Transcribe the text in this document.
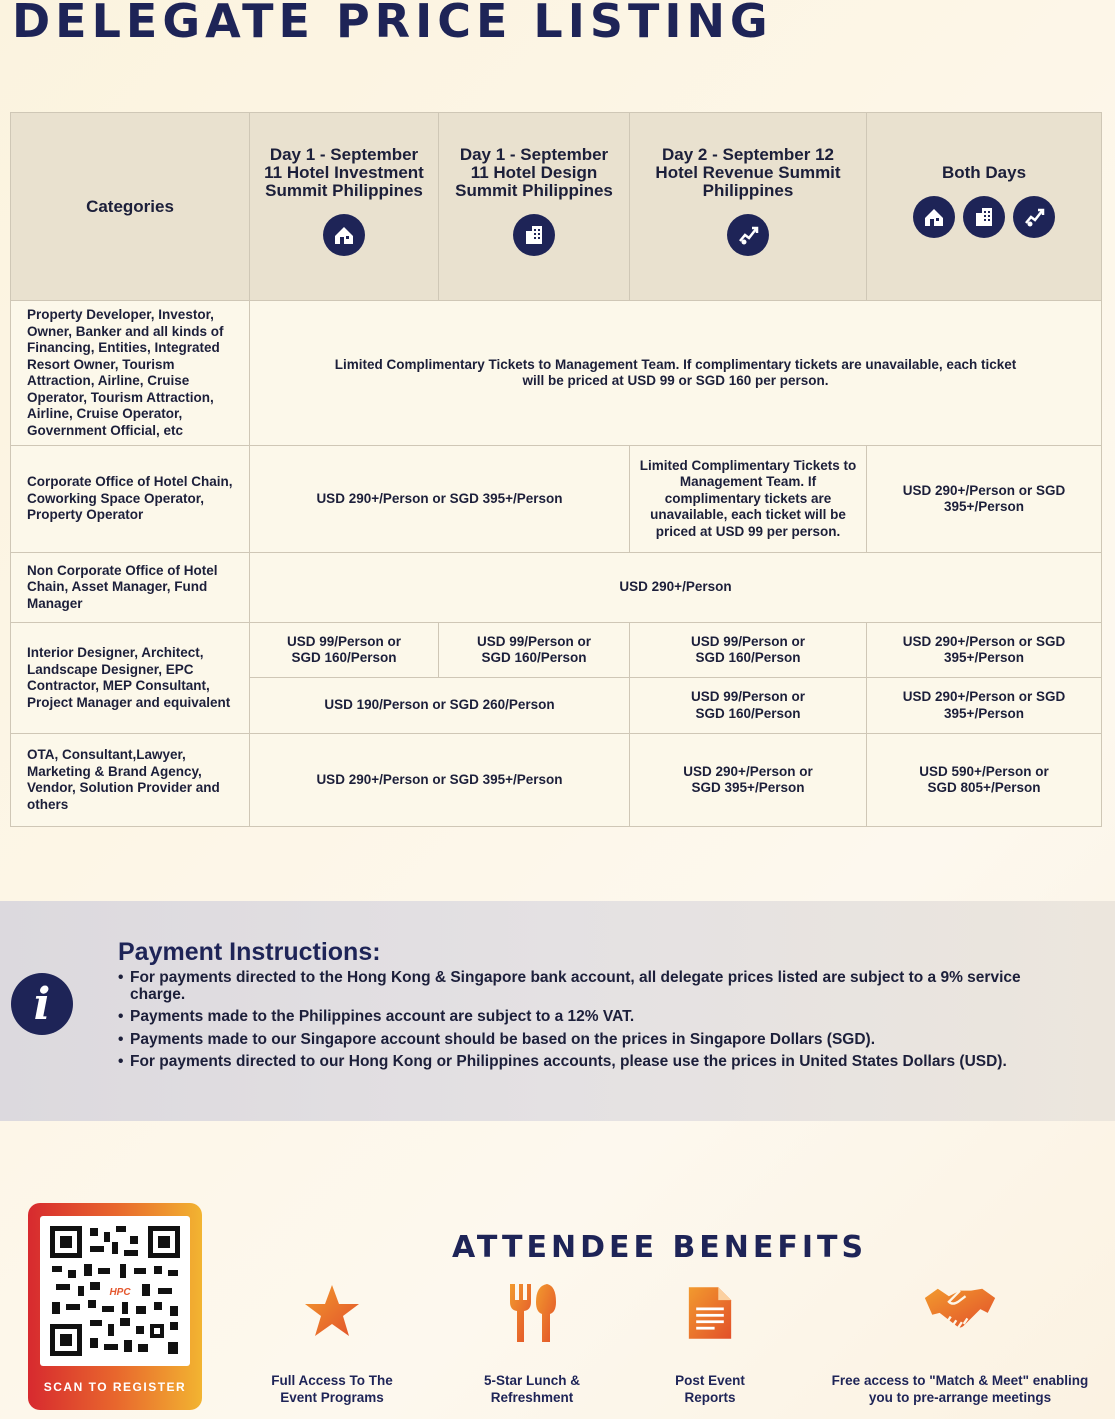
DELEGATE PRICE LISTING
Categories	Day 1 - September 11 Hotel Investment Summit Philippines	Day 1 - September 11 Hotel Design Summit Philippines	Day 2 - September 12 Hotel Revenue Summit Philippines	Both Days

Property Developer, Investor, Owner, Banker and all kinds of Financing, Entities, Integrated Resort Owner, Tourism Attraction, Airline, Cruise Operator, Tourism Attraction, Airline, Cruise Operator, Government Official, etc	Limited Complimentary Tickets to Management Team. If complimentary tickets are unavailable, each ticket will be priced at USD 99 or SGD 160 per person.			

Corporate Office of Hotel Chain, Coworking Space Operator, Property Operator	USD 290+/Person or SGD 395+/Person		Limited Complimentary Tickets to Management Team. If complimentary tickets are unavailable, each ticket will be priced at USD 99 per person.	USD 290+/Person or SGD 395+/Person

Non Corporate Office of Hotel Chain, Asset Manager, Fund Manager	USD 290+/Person			
Interior Designer, Architect, Landscape Designer, EPC Contractor, MEP Consultant, Project Manager and equivalent	USD 99/Person or SGD 160/Person	USD 99/Person or SGD 160/Person	USD 99/Person or SGD 160/Person	USD 290+/Person or SGD 395+/Person

	USD 190/Person or SGD 260/Person		USD 99/Person or SGD 160/Person	USD 290+/Person or SGD 395+/Person

OTA, Consultant,Lawyer, Marketing & Brand Agency, Vendor, Solution Provider and others	USD 290+/Person or SGD 395+/Person		USD 290+/Person or SGD 395+/Person	USD 590+/Person or SGD 805+/Person
i
Payment Instructions:
• For payments directed to the Hong Kong & Singapore bank account, all delegate prices listed are subject to a 9% service charge.
• Payments made to the Philippines account are subject to a 12% VAT.
• Payments made to our Singapore account should be based on the prices in Singapore Dollars (SGD).
• For payments directed to our Hong Kong or Philippines accounts, please use the prices in United States Dollars (USD).
HPC
SCAN TO REGISTER
ATTENDEE BENEFITS
Full Access To The Event Programs
5-Star Lunch & Refreshment
Post Event Reports
Free access to "Match & Meet" enabling you to pre-arrange meetings
